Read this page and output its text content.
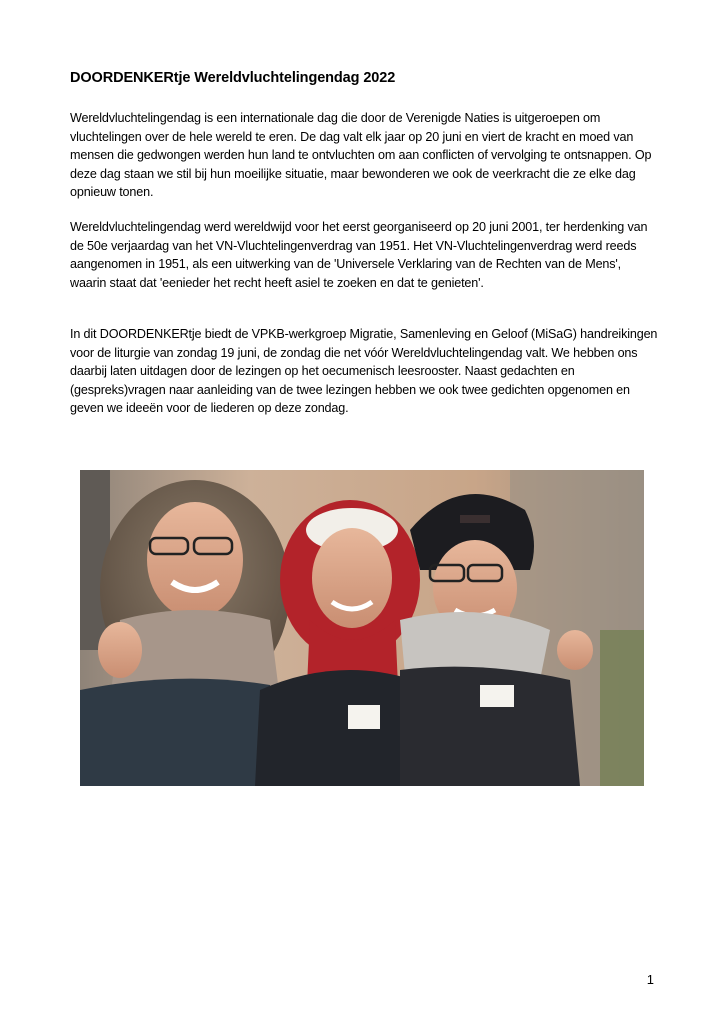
DOORDENKERtje Wereldvluchtelingendag 2022

Wereldvluchtelingendag is een internationale dag die door de Verenigde Naties is uitgeroepen om vluchtelingen over de hele wereld te eren. De dag valt elk jaar op 20 juni en viert de kracht en moed van mensen die gedwongen werden hun land te ontvluchten om aan conflicten of vervolging te ontsnappen. Op deze dag staan we stil bij hun moeilijke situatie, maar bewonderen we ook de veerkracht die ze elke dag opnieuw tonen.

Wereldvluchtelingendag werd wereldwijd voor het eerst georganiseerd op 20 juni 2001, ter herdenking van de 50e verjaardag van het VN-Vluchtelingenverdrag van 1951. Het VN-Vluchtelingenverdrag werd reeds aangenomen in 1951, als een uitwerking van de 'Universele Verklaring van de Rechten van de Mens', waarin staat dat 'eenieder het recht heeft asiel te zoeken en dat te genieten'.

In dit DOORDENKERtje biedt de VPKB-werkgroep Migratie, Samenleving en Geloof (MiSaG) handreikingen voor de liturgie van zondag 19 juni, de zondag die net vóór Wereldvluchtelingendag valt. We hebben ons daarbij laten uitdagen door de lezingen op het oecumenisch leesrooster. Naast gedachten en (gespreks)vragen naar aanleiding van de twee lezingen hebben we ook twee gedichten opgenomen en geven we ideeën voor de liederen op deze zondag.

1
